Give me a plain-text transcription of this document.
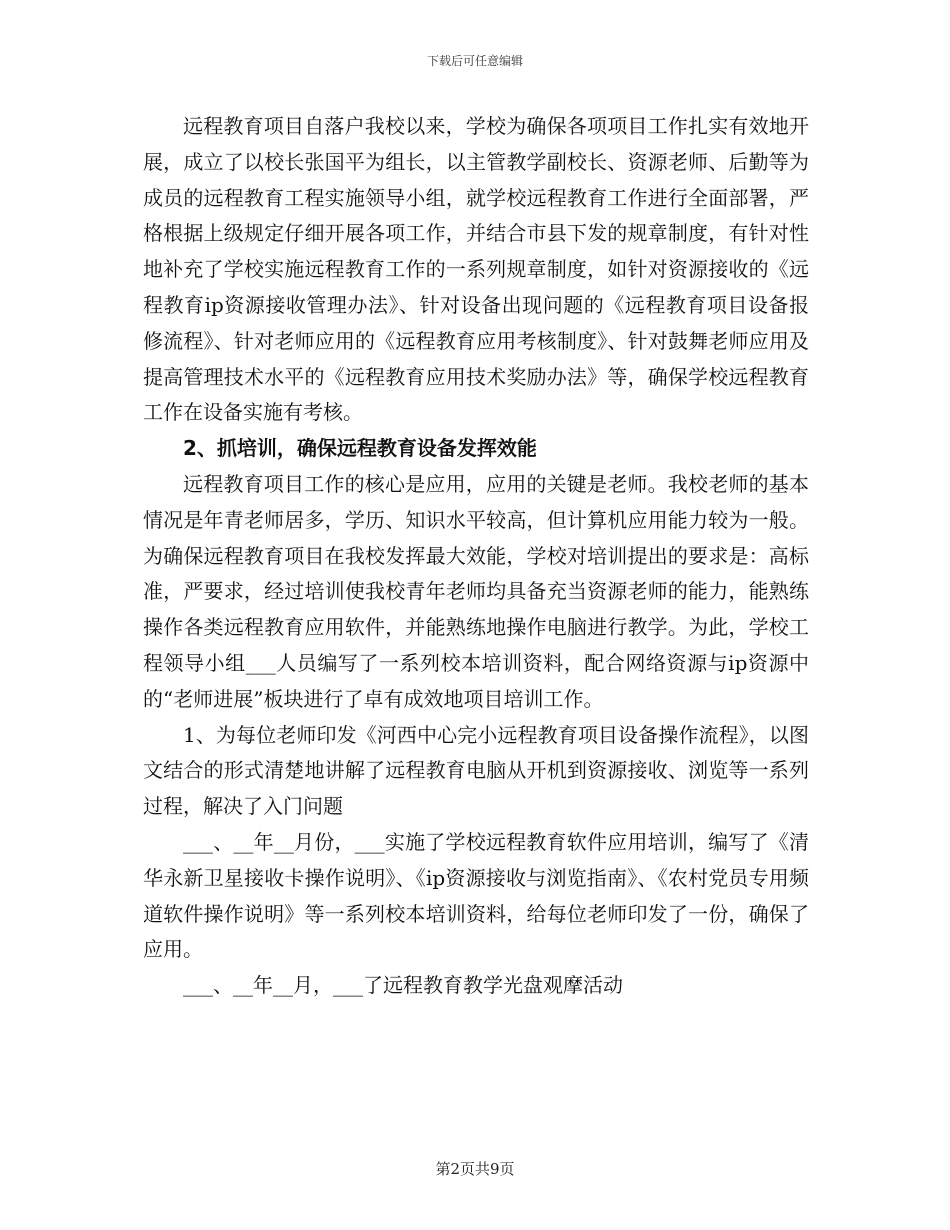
下载后可任意编辑

远程教育项目自落户我校以来，学校为确保各项项目工作扎实有效地开展，成立了以校长张国平为组长，以主管教学副校长、资源老师、后勤等为成员的远程教育工程实施领导小组，就学校远程教育工作进行全面部署，严格根据上级规定仔细开展各项工作，并结合市县下发的规章制度，有针对性地补充了学校实施远程教育工作的一系列规章制度，如针对资源接收的《远程教育ip资源接收管理办法》、针对设备出现问题的《远程教育项目设备报修流程》、针对老师应用的《远程教育应用考核制度》、针对鼓舞老师应用及提高管理技术水平的《远程教育应用技术奖励办法》等，确保学校远程教育工作在设备实施有考核。

2、抓培训，确保远程教育设备发挥效能

远程教育项目工作的核心是应用，应用的关键是老师。我校老师的基本情况是年青老师居多，学历、知识水平较高，但计算机应用能力较为一般。为确保远程教育项目在我校发挥最大效能，学校对培训提出的要求是：高标准，严要求，经过培训使我校青年老师均具备充当资源老师的能力，能熟练操作各类远程教育应用软件，并能熟练地操作电脑进行教学。为此，学校工程领导小组___人员编写了一系列校本培训资料，配合网络资源与ip资源中的“老师进展”板块进行了卓有成效地项目培训工作。

1、为每位老师印发《河西中心完小远程教育项目设备操作流程》，以图文结合的形式清楚地讲解了远程教育电脑从开机到资源接收、浏览等一系列过程，解决了入门问题

___、__年__月份，___实施了学校远程教育软件应用培训，编写了《清华永新卫星接收卡操作说明》、《ip资源接收与浏览指南》、《农村党员专用频道软件操作说明》等一系列校本培训资料，给每位老师印发了一份，确保了应用。

___、__年__月，___了远程教育教学光盘观摩活动

第2页共9页
